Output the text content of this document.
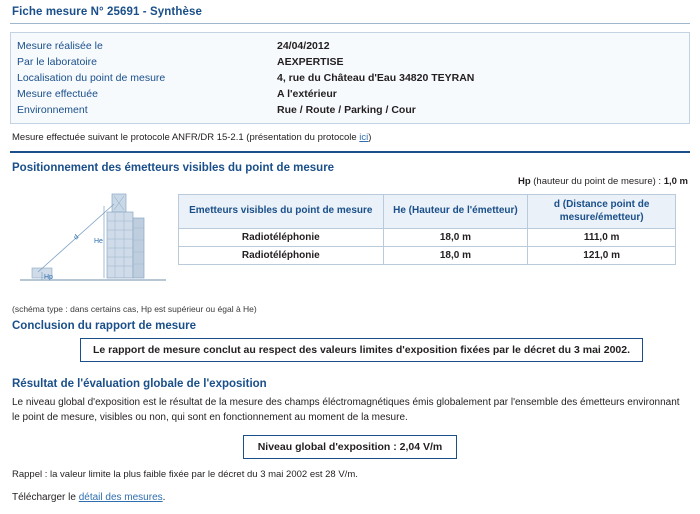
Fiche mesure N° 25691 - Synthèse
Mesure réalisée le	24/04/2012
Par le laboratoire	AEXPERTISE
Localisation du point de mesure	4, rue du Château d'Eau 34820 TEYRAN
Mesure effectuée	A l'extérieur
Environnement	Rue / Route / Parking / Cour
Mesure effectuée suivant le protocole ANFR/DR 15-2.1 (présentation du protocole ici)
Positionnement des émetteurs visibles du point de mesure
Hp (hauteur du point de mesure) : 1,0 m
d He
Hp
(schéma type : dans certains cas, Hp est supérieur ou égal à He)
Emetteurs visibles du point de mesure	He (Hauteur de l'émetteur)	d (Distance point de mesure/émetteur)
Radiotéléphonie	18,0 m	111,0 m
Radiotéléphonie	18,0 m	121,0 m
Conclusion du rapport de mesure
Le rapport de mesure conclut au respect des valeurs limites d'exposition fixées par le décret du 3 mai 2002.
Résultat de l'évaluation globale de l'exposition
Le niveau global d'exposition est le résultat de la mesure des champs éléctromagnétiques émis globalement par l'ensemble des émetteurs environnant le point de mesure, visibles ou non, qui sont en fonctionnement au moment de la mesure.
Niveau global d'exposition : 2,04 V/m
Rappel : la valeur limite la plus faible fixée par le décret du 3 mai 2002 est 28 V/m.
Télécharger le détail des mesures.
